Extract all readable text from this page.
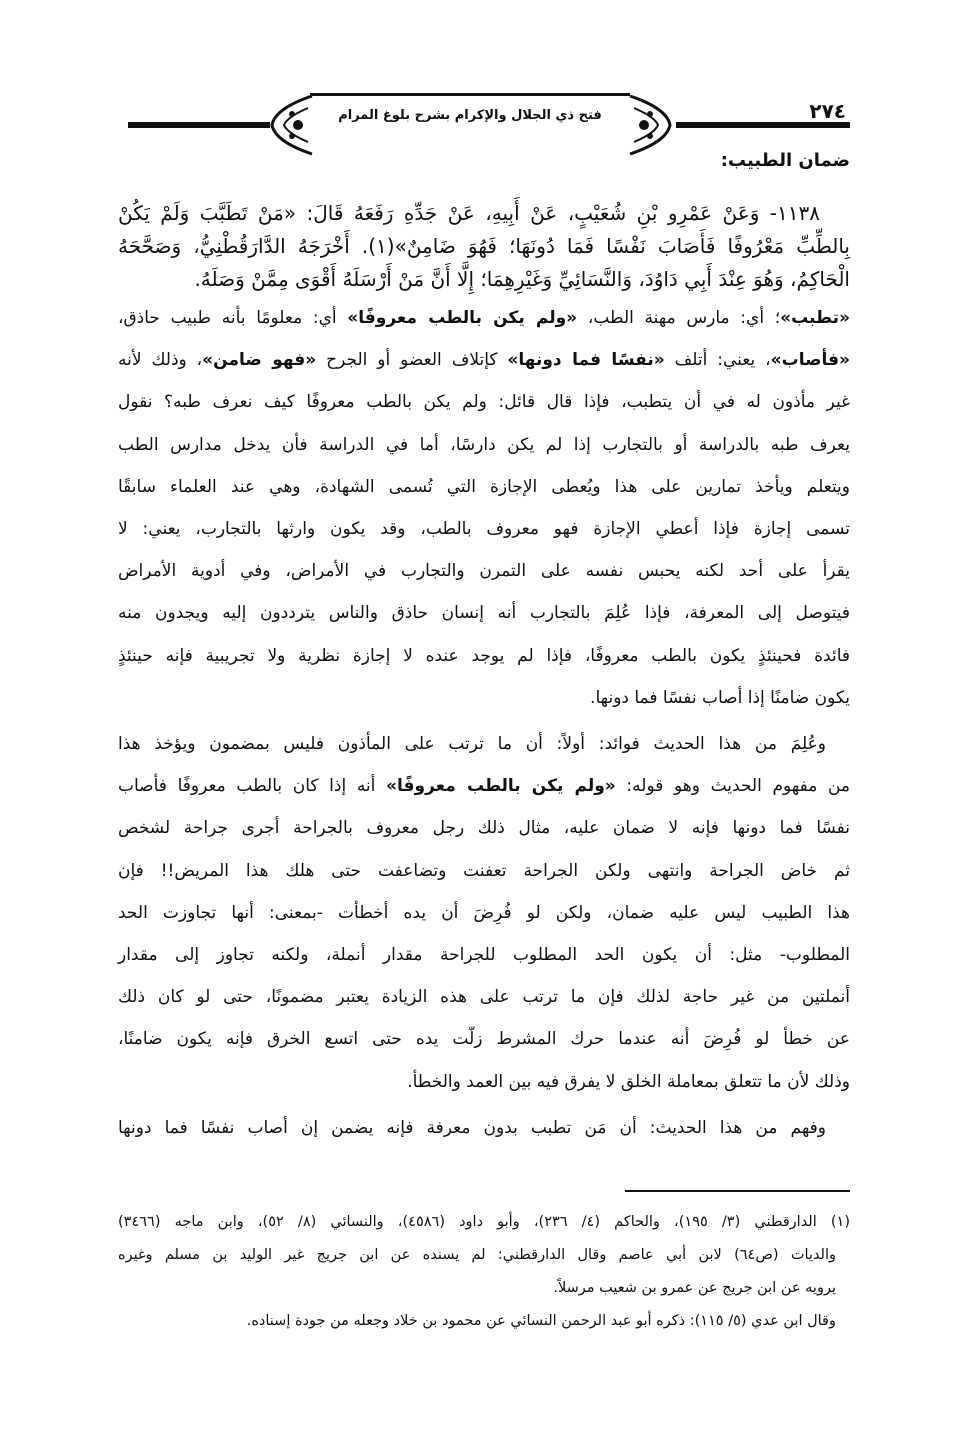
فتح ذي الجلال والإكرام بشرح بلوغ المرام	٢٧٤
ضمان الطبيب:
١١٣٨- وَعَنْ عَمْرِو بْنِ شُعَيْبٍ، عَنْ أَبِيهِ، عَنْ جَدِّهِ رَفَعَهُ قَالَ: «مَنْ تَطَبَّبَ وَلَمْ يَكُنْ
بِالطِّبِّ مَعْرُوفًا فَأَصَابَ نَفْسًا فَمَا دُونَهَا؛ فَهُوَ ضَامِنٌ»(١). أَخْرَجَهُ الدَّارَقُطْنِيُّ، وَصَحَّحَهُ
الْحَاكِمُ، وَهُوَ عِنْدَ أَبِي دَاوُدَ، وَالنَّسَائِيِّ وَغَيْرِهِمَا؛ إِلَّا أَنَّ مَنْ أَرْسَلَهُ أَقْوَى مِمَّنْ وَصَلَهُ.
«تطبب»؛ أي: مارس مهنة الطب، «ولم يكن بالطب معروفًا» أي: معلومًا بأنه طبيب حاذق،
«فأصاب»، يعني: أتلف «نفسًا فما دونها» كإتلاف العضو أو الجرح «فهو ضامن»، وذلك لأنه
غير مأذون له في أن يتطبب، فإذا قال قائل: ولم يكن بالطب معروفًا كيف نعرف طبه؟ نقول
يعرف طبه بالدراسة أو بالتجارب إذا لم يكن دارسًا، أما في الدراسة فأن يدخل مدارس الطب
ويتعلم ويأخذ تمارين على هذا ويُعطى الإجازة التي تُسمى الشهادة، وهي عند العلماء سابقًا
تسمى إجازة فإذا أعطي الإجازة فهو معروف بالطب، وقد يكون وارثها بالتجارب، يعني: لا
يقرأ على أحد لكنه يحبس نفسه على التمرن والتجارب في الأمراض، وفي أدوية الأمراض
فيتوصل إلى المعرفة، فإذا عُلِمَ بالتجارب أنه إنسان حاذق والناس يترددون إليه ويجدون منه
فائدة فحينئذٍ يكون بالطب معروفًا، فإذا لم يوجد عنده لا إجازة نظرية ولا تجريبية فإنه حينئذٍ
يكون ضامنًا إذا أصاب نفسًا فما دونها.
وعُلِمَ من هذا الحديث فوائد: أولاً: أن ما ترتب على المأذون فليس بمضمون ويؤخذ هذا
من مفهوم الحديث وهو قوله: «ولم يكن بالطب معروفًا» أنه إذا كان بالطب معروفًا فأصاب
نفسًا فما دونها فإنه لا ضمان عليه، مثال ذلك رجل معروف بالجراحة أجرى جراحة لشخص
ثم خاض الجراحة وانتهى ولكن الجراحة تعفنت وتضاعفت حتى هلك هذا المريض!! فإن
هذا الطبيب ليس عليه ضمان، ولكن لو فُرِضَ أن يده أخطأت -بمعنى: أنها تجاوزت الحد
المطلوب- مثل: أن يكون الحد المطلوب للجراحة مقدار أنملة، ولكنه تجاوز إلى مقدار
أنملتين من غير حاجة لذلك فإن ما ترتب على هذه الزيادة يعتبر مضمونًا، حتى لو كان ذلك
عن خطأ لو فُرِضَ أنه عندما حرك المشرط زلّت يده حتى اتسع الخرق فإنه يكون ضامنًا،
وذلك لأن ما تتعلق بمعاملة الخلق لا يفرق فيه بين العمد والخطأ.
وفهم من هذا الحديث: أن مَن تطبب بدون معرفة فإنه يضمن إن أصاب نفسًا فما دونها
(١) الدارقطني (٣/ ١٩٥)، والحاكم (٤/ ٢٣٦)، وأبو داود (٤٥٨٦)، والنسائي (٨/ ٥٢)، وابن ماجه (٣٤٦٦)
والديات (ص٦٤) لابن أبي عاصم وقال الدارقطني: لم يسنده عن ابن جريج غير الوليد بن مسلم وغيره
يرويه عن ابن جريج عن عمرو بن شعيب مرسلاً.
وقال ابن عدي (٥/ ١١٥): ذكره أبو عبد الرحمن النسائي عن محمود بن خلاد وجعله من جودة إسناده.
